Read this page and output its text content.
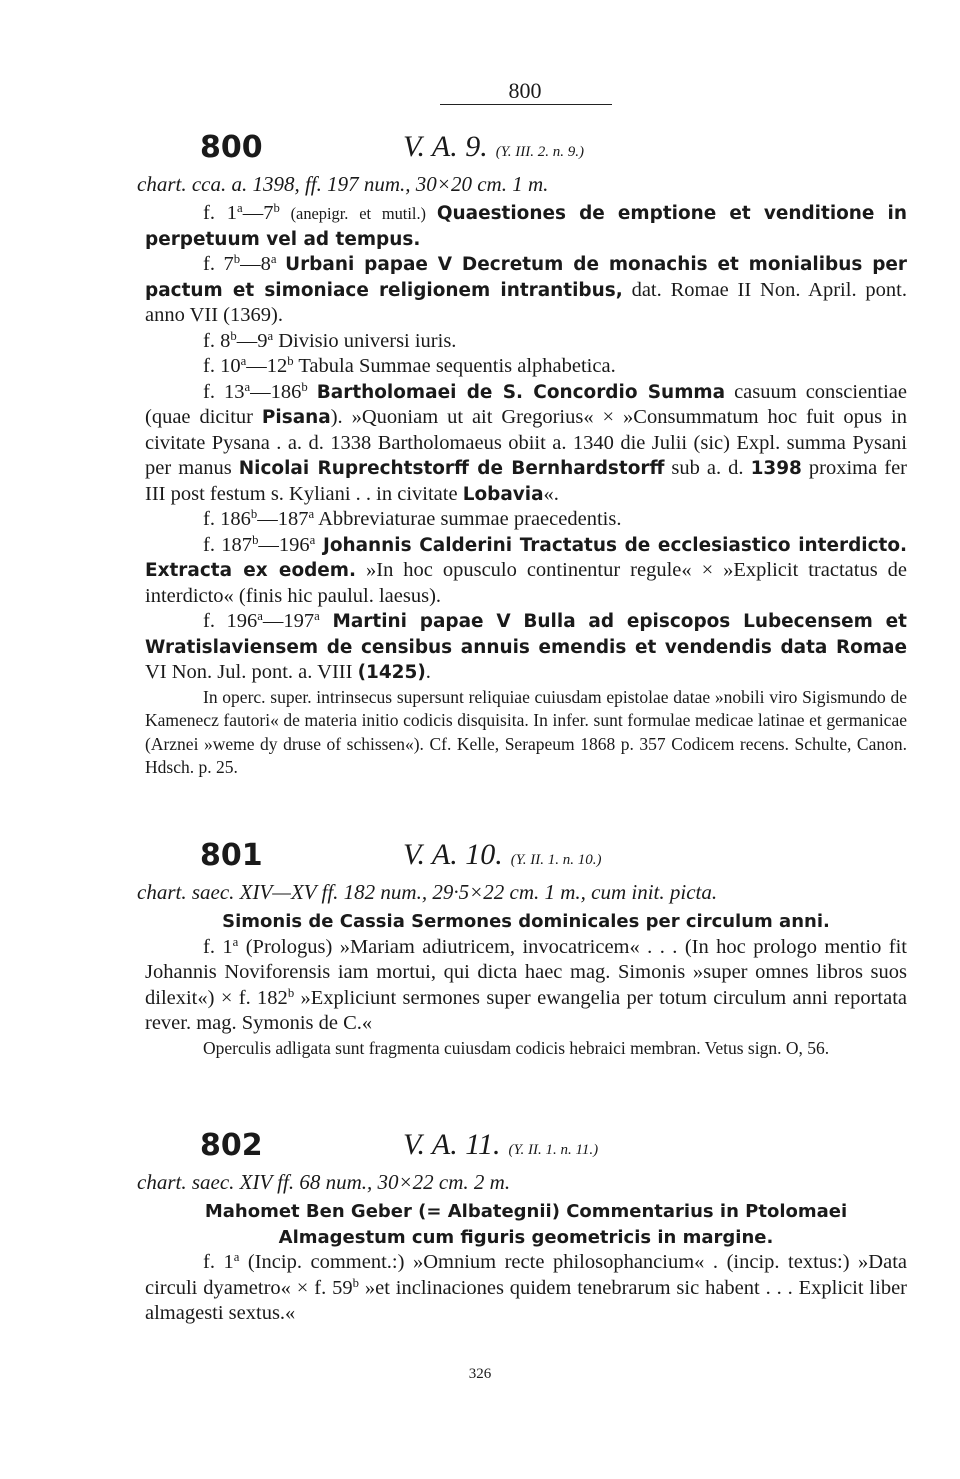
800
800	V. A. 9. (Y. III. 2. n. 9.)
chart. cca. a. 1398, ff. 197 num., 30×20 cm. 1 m.

f. 1$^a$—7$^b$ (anepigr. et mutil.) Quaestiones de emptione et venditione in perpetuum vel ad tempus.

f. 7$^b$—8$^a$ Urbani papae V Decretum de monachis et monialibus per pactum et simoniace religionem intrantibus, dat. Romae II Non. April. pont. anno VII (1369).

f. 8$^b$—9$^a$ Divisio universi iuris.

f. 10$^a$—12$^b$ Tabula Summae sequentis alphabetica.

f. 13$^a$—186$^b$ Bartholomaei de S. Concordio Summa casuum conscientiae (quae dicitur Pisana). »Quoniam ut ait Gregorius« × »Consummatum hoc fuit opus in civitate Pysana . a. d. 1338 Bartholomaeus obiit a. 1340 die Julii (sic) Expl. summa Pysani per manus Nicolai Ruprechtstorff de Bernhardstorff sub a. d. 1398 proxima fer III post festum s. Kyliani . . in civitate Lobavia«.

f. 186$^b$—187$^a$ Abbreviaturae summae praecedentis.

f. 187$^b$—196$^a$ Johannis Calderini Tractatus de ecclesiastico interdicto. Extracta ex eodem. »In hoc opusculo continentur regule« × »Explicit tractatus de interdicto« (finis hic paulul. laesus).

f. 196$^a$—197$^a$ Martini papae V Bulla ad episcopos Lubecensem et Wratislaviensem de censibus annuis emendis et vendendis data Romae VI Non. Jul. pont. a. VIII (1425).

In operc. super. intrinsecus supersunt reliquiae cuiusdam epistolae datae »nobili viro Sigismundo de Kamenecz fautori« de materia initio codicis disquisita. In infer. sunt formulae medicae latinae et germanicae (Arznei »weme dy druse of schissen«). Cf. Kelle, Serapeum 1868 p. 357 Codicem recens. Schulte, Canon. Hdsch. p. 25.

801	V. A. 10. (Y. II. 1. n. 10.)
chart. saec. XIV—XV ff. 182 num., 29·5×22 cm. 1 m., cum init. picta.

Simonis de Cassia Sermones dominicales per circulum anni.

f. 1$^a$ (Prologus) »Mariam adiutricem, invocatricem« . . . (In hoc prologo mentio fit Johannis Noviforensis iam mortui, qui dicta haec mag. Simonis »super omnes libros suos dilexit«) × f. 182$^b$ »Expliciunt sermones super ewangelia per totum circulum anni reportata rever. mag. Symonis de C.«

Operculis adligata sunt fragmenta cuiusdam codicis hebraici membran. Vetus sign. O, 56.

802	V. A. 11. (Y. II. 1. n. 11.)
chart. saec. XIV ff. 68 num., 30×22 cm. 2 m.

Mahomet Ben Geber (= Albategnii) Commentarius in Ptolomaei Almagestum cum figuris geometricis in margine.

f. 1$^a$ (Incip. comment.:) »Omnium recte philosophancium« . (incip. textus:) »Data circuli dyametro« × f. 59$^b$ »et inclinaciones quidem tenebrarum sic habent . . . Explicit liber almagesti sextus.«

326
